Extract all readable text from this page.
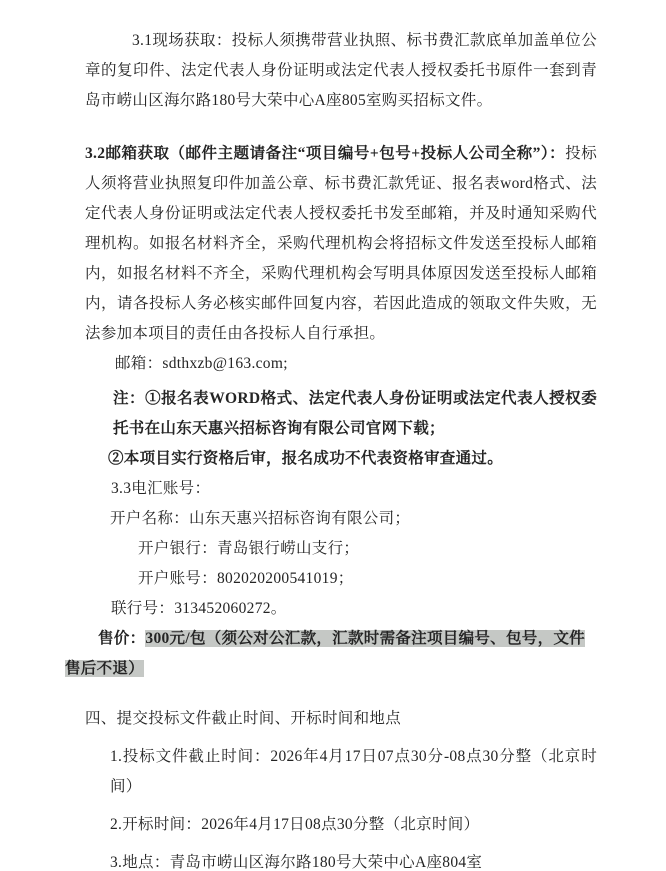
3.1现场获取：投标人须携带营业执照、标书费汇款底单加盖单位公章的复印件、法定代表人身份证明或法定代表人授权委托书原件一套到青岛市崂山区海尔路180号大荣中心A座805室购买招标文件。

3.2邮箱获取（邮件主题请备注“项目编号+包号+投标人公司全称”）：投标人须将营业执照复印件加盖公章、标书费汇款凭证、报名表word格式、法定代表人身份证明或法定代表人授权委托书发至邮箱，并及时通知采购代理机构。如报名材料齐全，采购代理机构会将招标文件发送至投标人邮箱内，如报名材料不齐全，采购代理机构会写明具体原因发送至投标人邮箱内，请各投标人务必核实邮件回复内容，若因此造成的领取文件失败，无法参加本项目的责任由各投标人自行承担。

邮箱：sdthxzb@163.com;

注：①报名表WORD格式、法定代表人身份证明或法定代表人授权委托书在山东天惠兴招标咨询有限公司官网下载；

②本项目实行资格后审，报名成功不代表资格审查通过。

3.3电汇账号：

开户名称：山东天惠兴招标咨询有限公司；

开户银行：青岛银行崂山支行；

开户账号：802020200541019；

联行号：313452060272。

售价：300元/包（须公对公汇款，汇款时需备注项目编号、包号，文件售后不退）

四、提交投标文件截止时间、开标时间和地点

1.投标文件截止时间：2026年4月17日07点30分-08点30分整（北京时间）

2.开标时间：2026年4月17日08点30分整（北京时间）

3.地点：青岛市崂山区海尔路180号大荣中心A座804室
